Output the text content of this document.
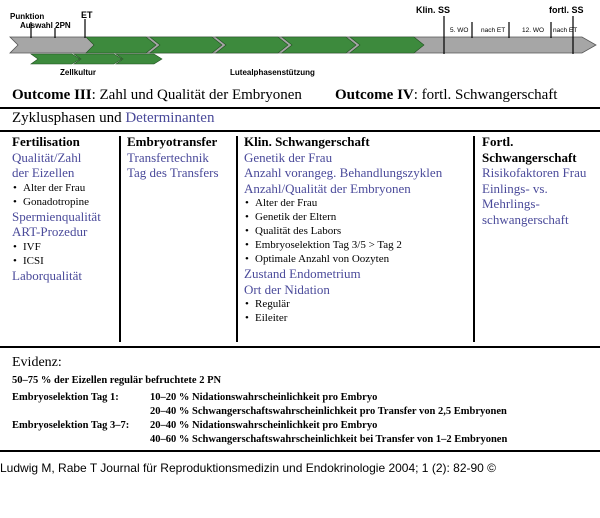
Punktion
Auswahl 2PN
ET	Klin. SS	fortl. SS
5. WO nach ET	12. WO nach ET
Zellkultur	Lutealphasenstützung
Outcome III: Zahl und Qualität der Embryonen Outcome IV: fortl. Schwangerschaft
Zyklusphasen und Determinanten
Fertilisation
Qualität/Zahl
der Eizellen
• Alter der Frau
• Gonadotropine
Spermienqualität
ART-Prozedur
• IVF
• ICSI
Laborqualität
Embryotransfer
Transfertechnik
Tag des Transfers
Klin. Schwangerschaft
Genetik der Frau
Anzahl vorangeg. Behandlungszyklen
Anzahl/Qualität der Embryonen
• Alter der Frau
• Genetik der Eltern
• Qualität des Labors
• Embryoselektion Tag 3/5 > Tag 2
• Optimale Anzahl von Oozyten
Zustand Endometrium
Ort der Nidation
• Regulär
• Eileiter
Fortl.
Schwangerschaft
Risikofaktoren Frau
Einlings- vs.
Mehrlings-
schwangerschaft
Evidenz:
50–75 % der Eizellen regulär befruchtete 2 PN
Embryoselektion Tag 1:	10–20 % Nidationswahrscheinlichkeit pro Embryo
20–40 % Schwangerschaftswahrscheinlichkeit pro Transfer von 2,5 Embryonen
Embryoselektion Tag 3–7: 20–40 % Nidationswahrscheinlichkeit pro Embryo
40–60 % Schwangerschaftswahrscheinlichkeit bei Transfer von 1–2 Embryonen
Ludwig M, Rabe T Journal für Reproduktionsmedizin und Endokrinologie 2004; 1 (2): 82-90 ©
